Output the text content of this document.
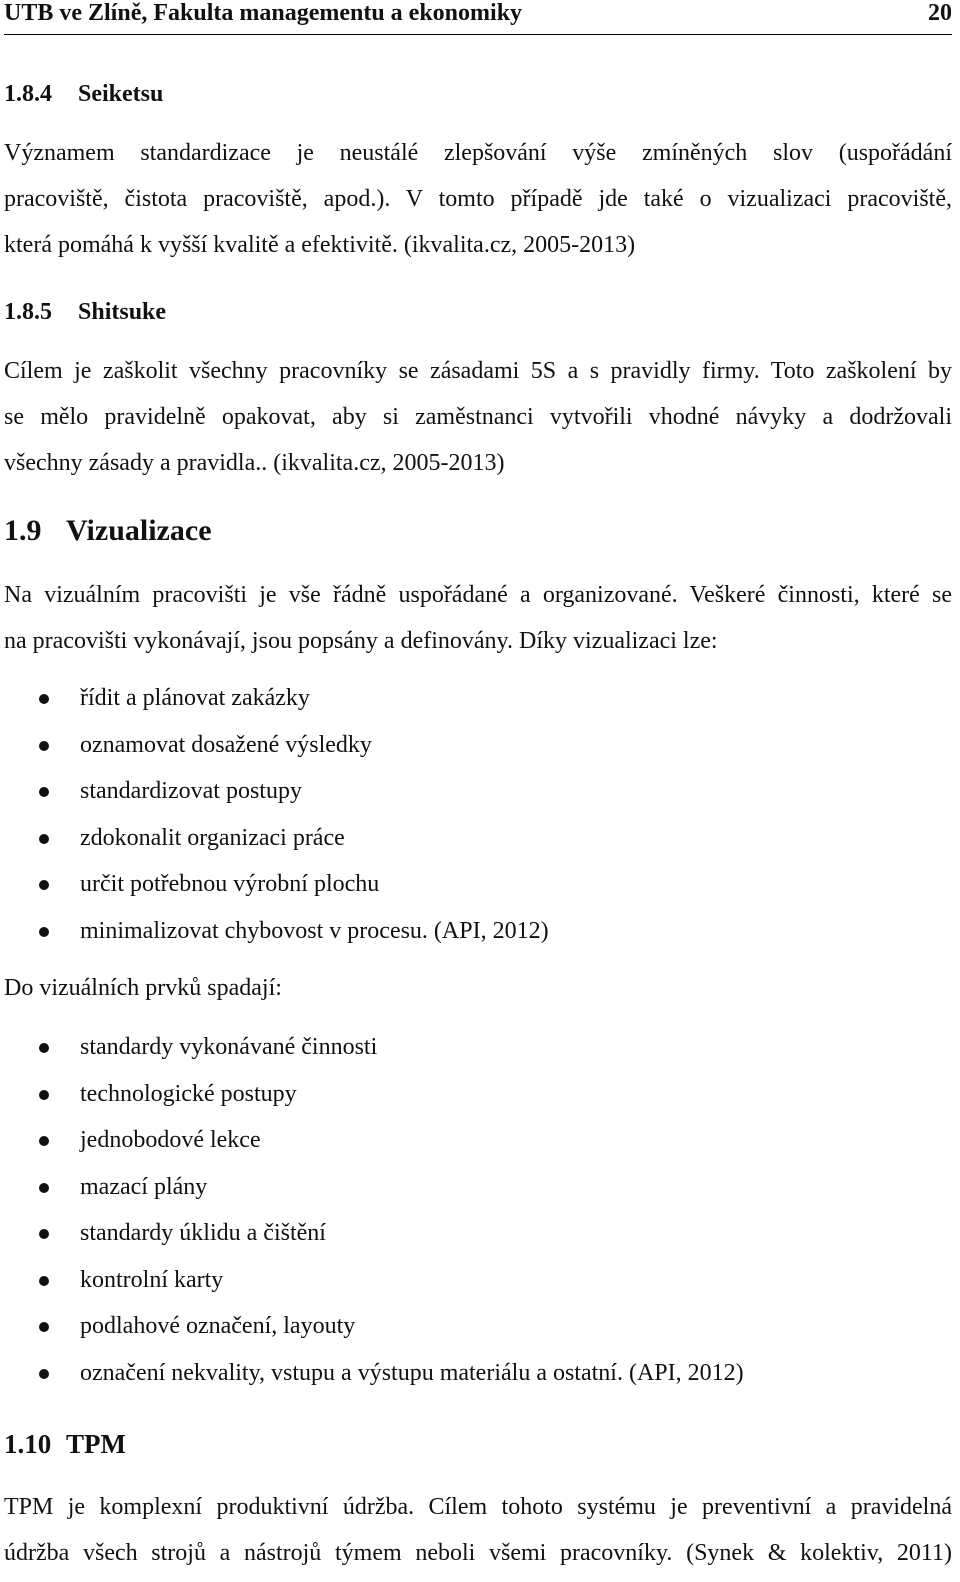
UTB ve Zlíně, Fakulta managementu a ekonomiky	20
1.8.4 Seiketsu
Významem standardizace je neustálé zlepšování výše zmíněných slov (uspořádání
pracoviště, čistota pracoviště, apod.). V tomto případě jde také o vizualizaci pracoviště,
která pomáhá k vyšší kvalitě a efektivitě. (ikvalita.cz, 2005-2013)
1.8.5 Shitsuke
Cílem je zaškolit všechny pracovníky se zásadami 5S a s pravidly firmy. Toto zaškolení by
se mělo pravidelně opakovat, aby si zaměstnanci vytvořili vhodné návyky a dodržovali
všechny zásady a pravidla.. (ikvalita.cz, 2005-2013)
1.9 Vizualizace
Na vizuálním pracovišti je vše řádně uspořádané a organizované. Veškeré činnosti, které se
na pracovišti vykonávají, jsou popsány a definovány. Díky vizualizaci lze:
řídit a plánovat zakázky
oznamovat dosažené výsledky
standardizovat postupy
zdokonalit organizaci práce
určit potřebnou výrobní plochu
minimalizovat chybovost v procesu. (API, 2012)
Do vizuálních prvků spadají:
standardy vykonávané činnosti
technologické postupy
jednobodové lekce
mazací plány
standardy úklidu a čištění
kontrolní karty
podlahové označení, layouty
označení nekvality, vstupu a výstupu materiálu a ostatní. (API, 2012)
1.10 TPM
TPM je komplexní produktivní údržba. Cílem tohoto systému je preventivní a pravidelná
údržba všech strojů a nástrojů týmem neboli všemi pracovníky. (Synek & kolektiv, 2011)
